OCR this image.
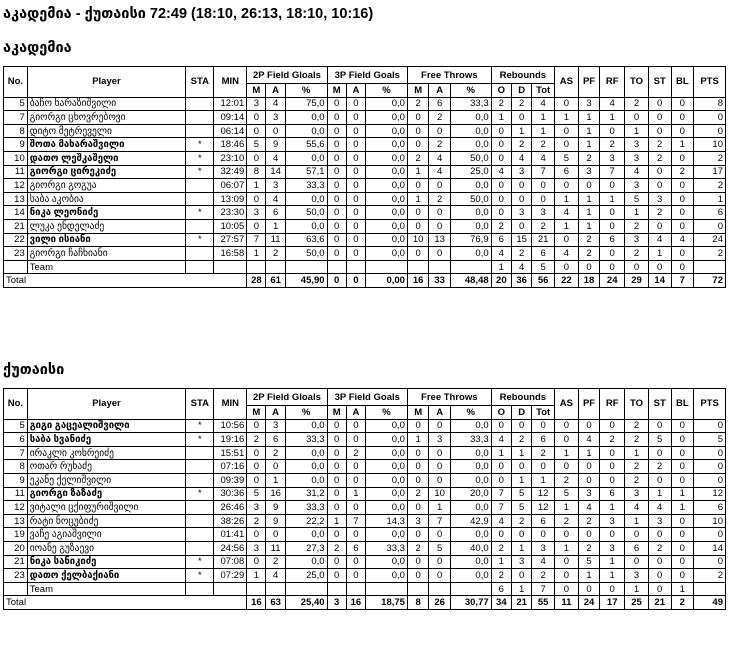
აკადემია - ქუთაისი 72:49 (18:10, 26:13, 18:10, 10:16)
აკადემია
No.	Player	STA	MIN	2P Field Gloals			3P Field Goals			Free Throws			Rebounds			AS	PF	RF	TO	ST	BL	PTS
				M	A	%	M	A	%	M	A	%	O	D	Tot							
5	ბაჩო ხარაზიშვილი		12:01	3	4	75,0	0	0	0,0	2	6	33,3	2	2	4	0	3	4	2	0	0	8
7	გიორგი ცხოვრებოვი		09:14	0	3	0,0	0	0	0,0	0	2	0,0	1	0	1	1	1	1	0	0	0	0
8	დიტო მეტრეველი		06:14	0	0	0,0	0	0	0,0	0	0	0,0	0	1	1	0	1	0	1	0	0	0
9	შოთა მახარაშვილი	*	18:46	5	9	55,6	0	0	0,0	0	2	0,0	0	2	2	0	1	2	3	2	1	10
10	დათო ლეშკაშელი	*	23:10	0	4	0,0	0	0	0,0	2	4	50,0	0	4	4	5	2	3	3	2	0	2
11	გიორგი ცირეკიძე	*	32:49	8	14	57,1	0	0	0,0	1	4	25,0	4	3	7	6	3	7	4	0	2	17
12	გიორგი გოგუა		06:07	1	3	33,3	0	0	0,0	0	0	0,0	0	0	0	0	0	0	3	0	0	2
13	საბა აკობია		13:09	0	4	0,0	0	0	0,0	1	2	50,0	0	0	0	1	1	1	5	3	0	1
14	ნიკა ლეონიძე	*	23:30	3	6	50,0	0	0	0,0	0	0	0,0	0	3	3	4	1	0	1	2	0	6
21	ლუკა ენდელაძე		10:05	0	1	0,0	0	0	0,0	0	0	0,0	2	0	2	1	1	0	2	0	0	0
22	ვილი ისიანი	*	27:57	7	11	63,6	0	0	0,0	10	13	76,9	6	15	21	0	2	6	3	4	4	24
23	გიორგი ჩაჩხიანი		16:58	1	2	50,0	0	0	0,0	0	0	0,0	4	2	6	4	2	0	2	1	0	2
	Team												1	4	5	0	0	0	0	0	0	
Total				28	61	45,90	0	0	0,00	16	33	48,48	20	36	56	22	18	24	29	14	7	72
ქუთაისი
No.	Player	STA	MIN	2P Field Gloals			3P Field Goals			Free Throws			Rebounds			AS	PF	RF	TO	ST	BL	PTS
				M	A	%	M	A	%	M	A	%	O	D	Tot							
5	გიგი გაცეალიშვილი	*	10:56	0	3	0,0	0	0	0,0	0	0	0,0	0	0	0	0	0	0	2	0	0	0
6	საბა სვანიძე	*	19:16	2	6	33,3	0	0	0,0	1	3	33,3	4	2	6	0	4	2	2	5	0	5
7	ირაკლი კოხრეიძე		15:51	0	2	0,0	0	2	0,0	0	0	0,0	1	1	2	1	1	0	1	0	0	0
8	ოთარ რუხაძე		07:16	0	0	0,0	0	0	0,0	0	0	0,0	0	0	0	0	0	0	2	2	0	0
9	ეკანე ქელიშვილი		09:39	0	1	0,0	0	0	0,0	0	0	0,0	0	1	1	2	0	0	2	0	0	0
11	გიორგი ზაზაძე	*	30:36	5	16	31,2	0	1	0,0	2	10	20,0	7	5	12	5	3	6	3	1	1	12
12	ვიტალი ცქიფურიშვილი		26:46	3	9	33,3	0	0	0,0	0	1	0,0	7	5	12	1	4	1	4	4	1	6
13	რატი ნოცუბიძე		38:26	2	9	22,2	1	7	14,3	3	7	42,9	4	2	6	2	2	3	1	3	0	10
19	ვაჩე აგიაშვილი		01:41	0	0	0,0	0	0	0,0	0	0	0,0	0	0	0	0	0	0	0	0	0	0
20	იოანე გუზაევი		24:56	3	11	27,3	2	6	33,3	2	5	40,0	2	1	3	1	2	3	6	2	0	14
21	ნიკა სანიკიძე	*	07:08	0	2	0,0	0	0	0,0	0	0	0,0	1	3	4	0	5	1	0	0	0	0
23	დათო ქელბაქიანი	*	07:29	1	4	25,0	0	0	0,0	0	0	0,0	2	0	2	0	1	1	3	0	0	2
	Team												6	1	7	0	0	0	1	0	1	
Total				16	63	25,40	3	16	18,75	8	26	30,77	34	21	55	11	24	17	25	21	2	49
